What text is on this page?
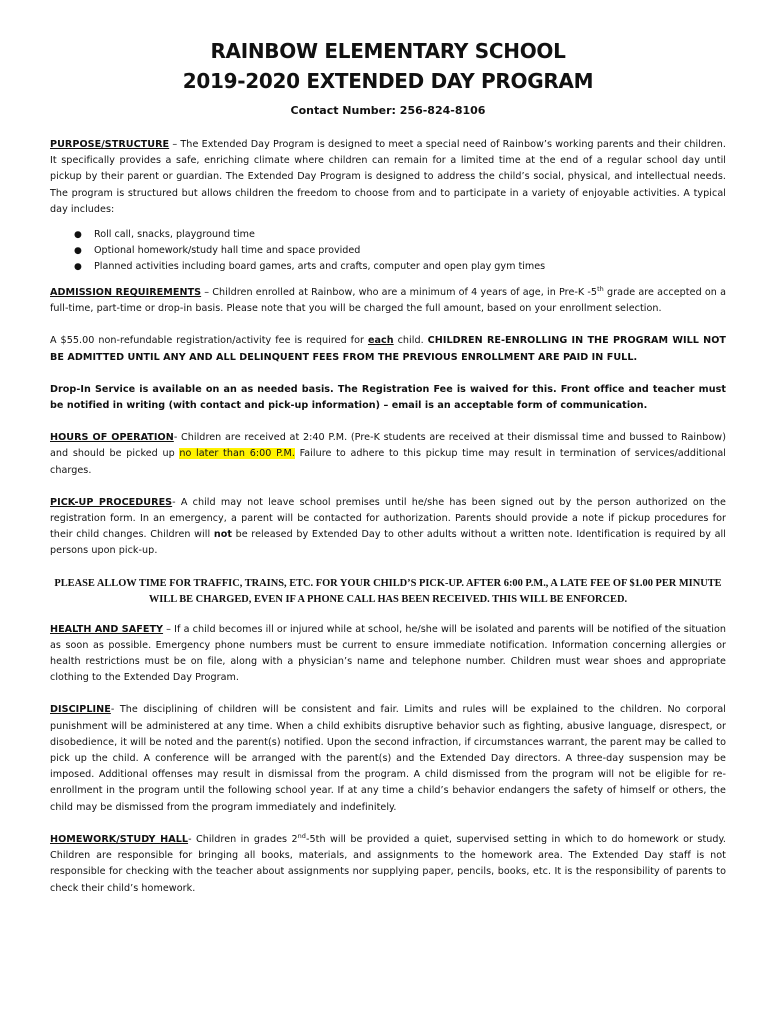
RAINBOW ELEMENTARY SCHOOL
2019-2020 EXTENDED DAY PROGRAM
Contact Number: 256-824-8106

PURPOSE/STRUCTURE – The Extended Day Program is designed to meet a special need of Rainbow’s working parents and their children. It specifically provides a safe, enriching climate where children can remain for a limited time at the end of a regular school day until pickup by their parent or guardian. The Extended Day Program is designed to address the child’s social, physical, and intellectual needs. The program is structured but allows children the freedom to choose from and to participate in a variety of enjoyable activities. A typical day includes:

● Roll call, snacks, playground time
● Optional homework/study hall time and space provided
● Planned activities including board games, arts and crafts, computer and open play gym times

ADMISSION REQUIREMENTS – Children enrolled at Rainbow, who are a minimum of 4 years of age, in Pre-K -5th grade are accepted on a full-time, part-time or drop-in basis. Please note that you will be charged the full amount, based on your enrollment selection.

A $55.00 non-refundable registration/activity fee is required for each child. CHILDREN RE-ENROLLING IN THE PROGRAM WILL NOT BE ADMITTED UNTIL ANY AND ALL DELINQUENT FEES FROM THE PREVIOUS ENROLLMENT ARE PAID IN FULL.

Drop-In Service is available on an as needed basis. The Registration Fee is waived for this. Front office and teacher must be notified in writing (with contact and pick-up information) – email is an acceptable form of communication.

HOURS OF OPERATION- Children are received at 2:40 P.M. (Pre-K students are received at their dismissal time and bussed to Rainbow) and should be picked up no later than 6:00 P.M. Failure to adhere to this pickup time may result in termination of services/additional charges.

PICK-UP PROCEDURES- A child may not leave school premises until he/she has been signed out by the person authorized on the registration form. In an emergency, a parent will be contacted for authorization. Parents should provide a note if pickup procedures for their child changes. Children will not be released by Extended Day to other adults without a written note. Identification is required by all persons upon pick-up.

PLEASE ALLOW TIME FOR TRAFFIC, TRAINS, ETC. FOR YOUR CHILD’S PICK-UP. AFTER 6:00 P.M., A LATE FEE OF $1.00 PER MINUTE WILL BE CHARGED, EVEN IF A PHONE CALL HAS BEEN RECEIVED. THIS WILL BE ENFORCED.

HEALTH AND SAFETY – If a child becomes ill or injured while at school, he/she will be isolated and parents will be notified of the situation as soon as possible. Emergency phone numbers must be current to ensure immediate notification. Information concerning allergies or health restrictions must be on file, along with a physician’s name and telephone number. Children must wear shoes and appropriate clothing to the Extended Day Program.

DISCIPLINE- The disciplining of children will be consistent and fair. Limits and rules will be explained to the children. No corporal punishment will be administered at any time. When a child exhibits disruptive behavior such as fighting, abusive language, disrespect, or disobedience, it will be noted and the parent(s) notified. Upon the second infraction, if circumstances warrant, the parent may be called to pick up the child. A conference will be arranged with the parent(s) and the Extended Day directors. A three-day suspension may be imposed. Additional offenses may result in dismissal from the program. A child dismissed from the program will not be eligible for re-enrollment in the program until the following school year. If at any time a child’s behavior endangers the safety of himself or others, the child may be dismissed from the program immediately and indefinitely.

HOMEWORK/STUDY HALL- Children in grades 2nd-5th will be provided a quiet, supervised setting in which to do homework or study. Children are responsible for bringing all books, materials, and assignments to the homework area. The Extended Day staff is not responsible for checking with the teacher about assignments nor supplying paper, pencils, books, etc. It is the responsibility of parents to check their child’s homework.
